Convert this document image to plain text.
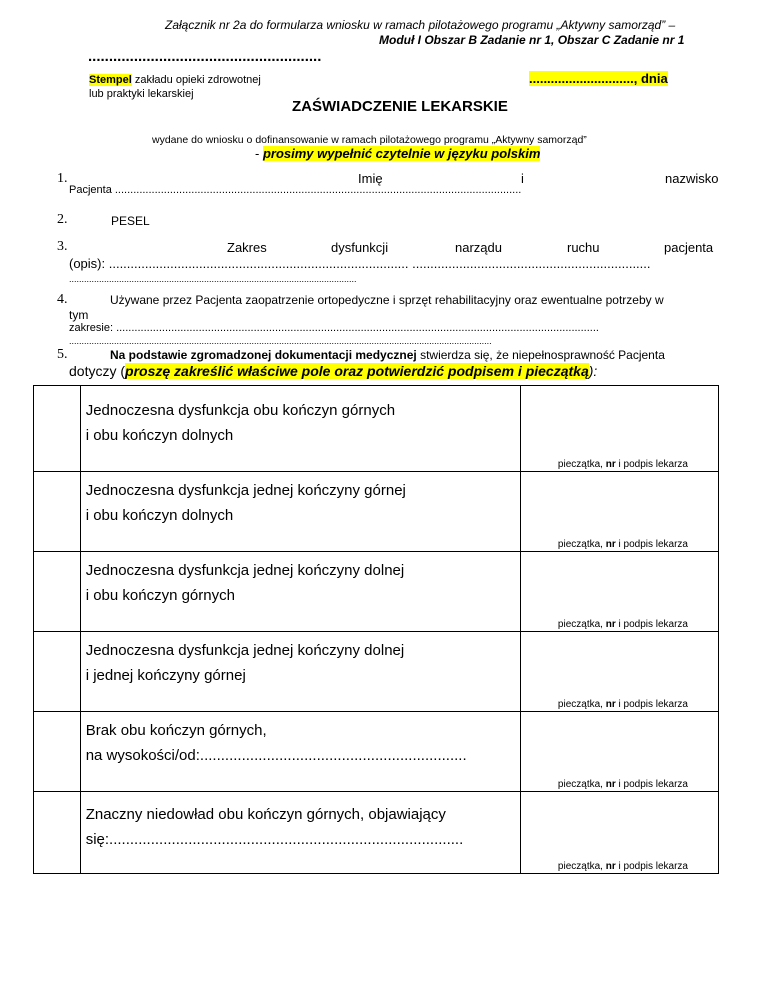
Załącznik nr 2a do formularza wniosku w ramach pilotażowego programu „Aktywny samorząd” –
Moduł I Obszar B Zadanie nr 1, Obszar C Zadanie nr 1
........................................................
Stempel zakładu opieki zdrowotnej
lub praktyki lekarskiej
............................., dnia
ZAŚWIADCZENIE LEKARSKIE
wydane do wniosku o dofinansowanie w ramach pilotażowego programu „Aktywny samorząd”
- prosimy wypełnić czytelnie w języku polskim
1.	Imię	i	nazwisko
Pacjenta .....................................................................................................................................
2.	PESEL
3.	Zakres	dysfunkcji	narządu	ruchu	pacjenta
(opis): ................................................................................... ..................................................................
...................................................................................................................
4.	Używane przez Pacjenta zaopatrzenie ortopedyczne i sprzęt rehabilitacyjny oraz ewentualne potrzeby w
tym
zakresie: ..............................................................................................................................................................
.........................................................................................................................................................................
5.	Na podstawie zgromadzonej dokumentacji medycznej stwierdza się, że niepełnosprawność Pacjenta
dotyczy (proszę zakreślić właściwe pole oraz potwierdzić podpisem i pieczątką):

	Jednoczesna dysfunkcja obu kończyn górnych
i obu kończyn dolnych	pieczątka, nr i podpis lekarza

	Jednoczesna dysfunkcja jednej kończyny górnej
i obu kończyn dolnych	pieczątka, nr i podpis lekarza

	Jednoczesna dysfunkcja jednej kończyny dolnej
i obu kończyn górnych	pieczątka, nr i podpis lekarza

	Jednoczesna dysfunkcja jednej kończyny dolnej
i jednej kończyny górnej	pieczątka, nr i podpis lekarza

	Brak obu kończyn górnych,
na wysokości/od:................................................................	pieczątka, nr i podpis lekarza

	Znaczny niedowład obu kończyn górnych, objawiający
się:.....................................................................................	pieczątka, nr i podpis lekarza
